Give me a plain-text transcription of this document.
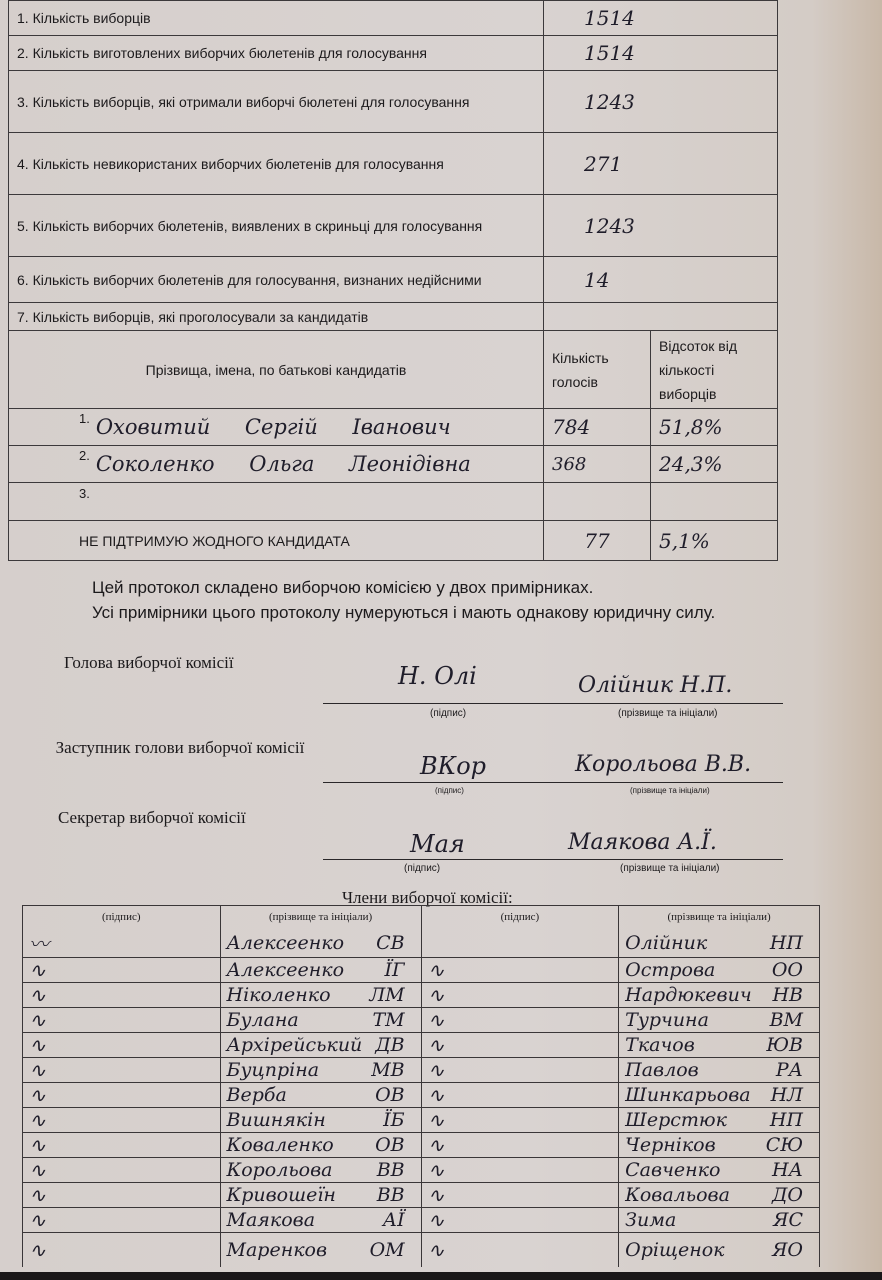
1. Кількість виборців	1514	
2. Кількість виготовлених виборчих бюлетенів для голосування	1514	
3. Кількість виборців, які отримали виборчі бюлетені для голосування	1243	
4. Кількість невикористаних виборчих бюлетенів для голосування	271	
5. Кількість виборчих бюлетенів, виявлених в скриньці для голосування	1243	
6. Кількість виборчих бюлетенів для голосування, визнаних недійсними	14	
7. Кількість виборців, які проголосували за кандидатів		
Прізвища, імена, по батькові кандидатів	Кількість голосів	Відсоток від кількості виборців
1. Оховитий Сергій Іванович	784	51,8%
2. Соколенко Ольга Леонідівна	368	24,3%
3.		
НЕ ПІДТРИМУЮ ЖОДНОГО КАНДИДАТА	77	5,1%
Цей протокол складено виборчою комісією у двох примірниках.
Усі примірники цього протоколу нумеруються і мають однакову юридичну силу.
Голова виборчої комісії	Н. Олі	Олійник Н.П.
(підпис)	(прізвище та ініціали)
Заступник голови виборчої комісії
ВКор	Корольова В.В.
(підпис)	(прізвище та ініціали)
Секретар виборчої комісії
Мая	Маякова А.Ї.
(підпис)	(прізвище та ініціали)
Члени виборчої комісії:
(підпис)	(прізвище та ініціали)	(підпис)	(прізвище та ініціали)
〰	Алексеенко СВ		Олійник НП

∿	Алексеенко ЇГ	∿	Острова ОО

∿	Ніколенко ЛМ	∿	Нардюкевич НВ

∿	Булана ТМ	∿	Турчина ВМ

∿	Архірейський ДВ	∿	Ткачов ЮВ

∿	Буцпріна МВ	∿	Павлов РА

∿	Верба ОВ	∿	Шинкарьова НЛ

∿	Вишнякін ЇБ	∿	Шерстюк НП

∿	Коваленко ОВ	∿	Черніков СЮ

∿	Корольова ВВ	∿	Савченко НА

∿	Кривошеїн ВВ	∿	Ковальова ДО

∿	Маякова АЇ	∿	Зима ЯС

∿	Маренков ОМ	∿	Оріщенок ЯО
